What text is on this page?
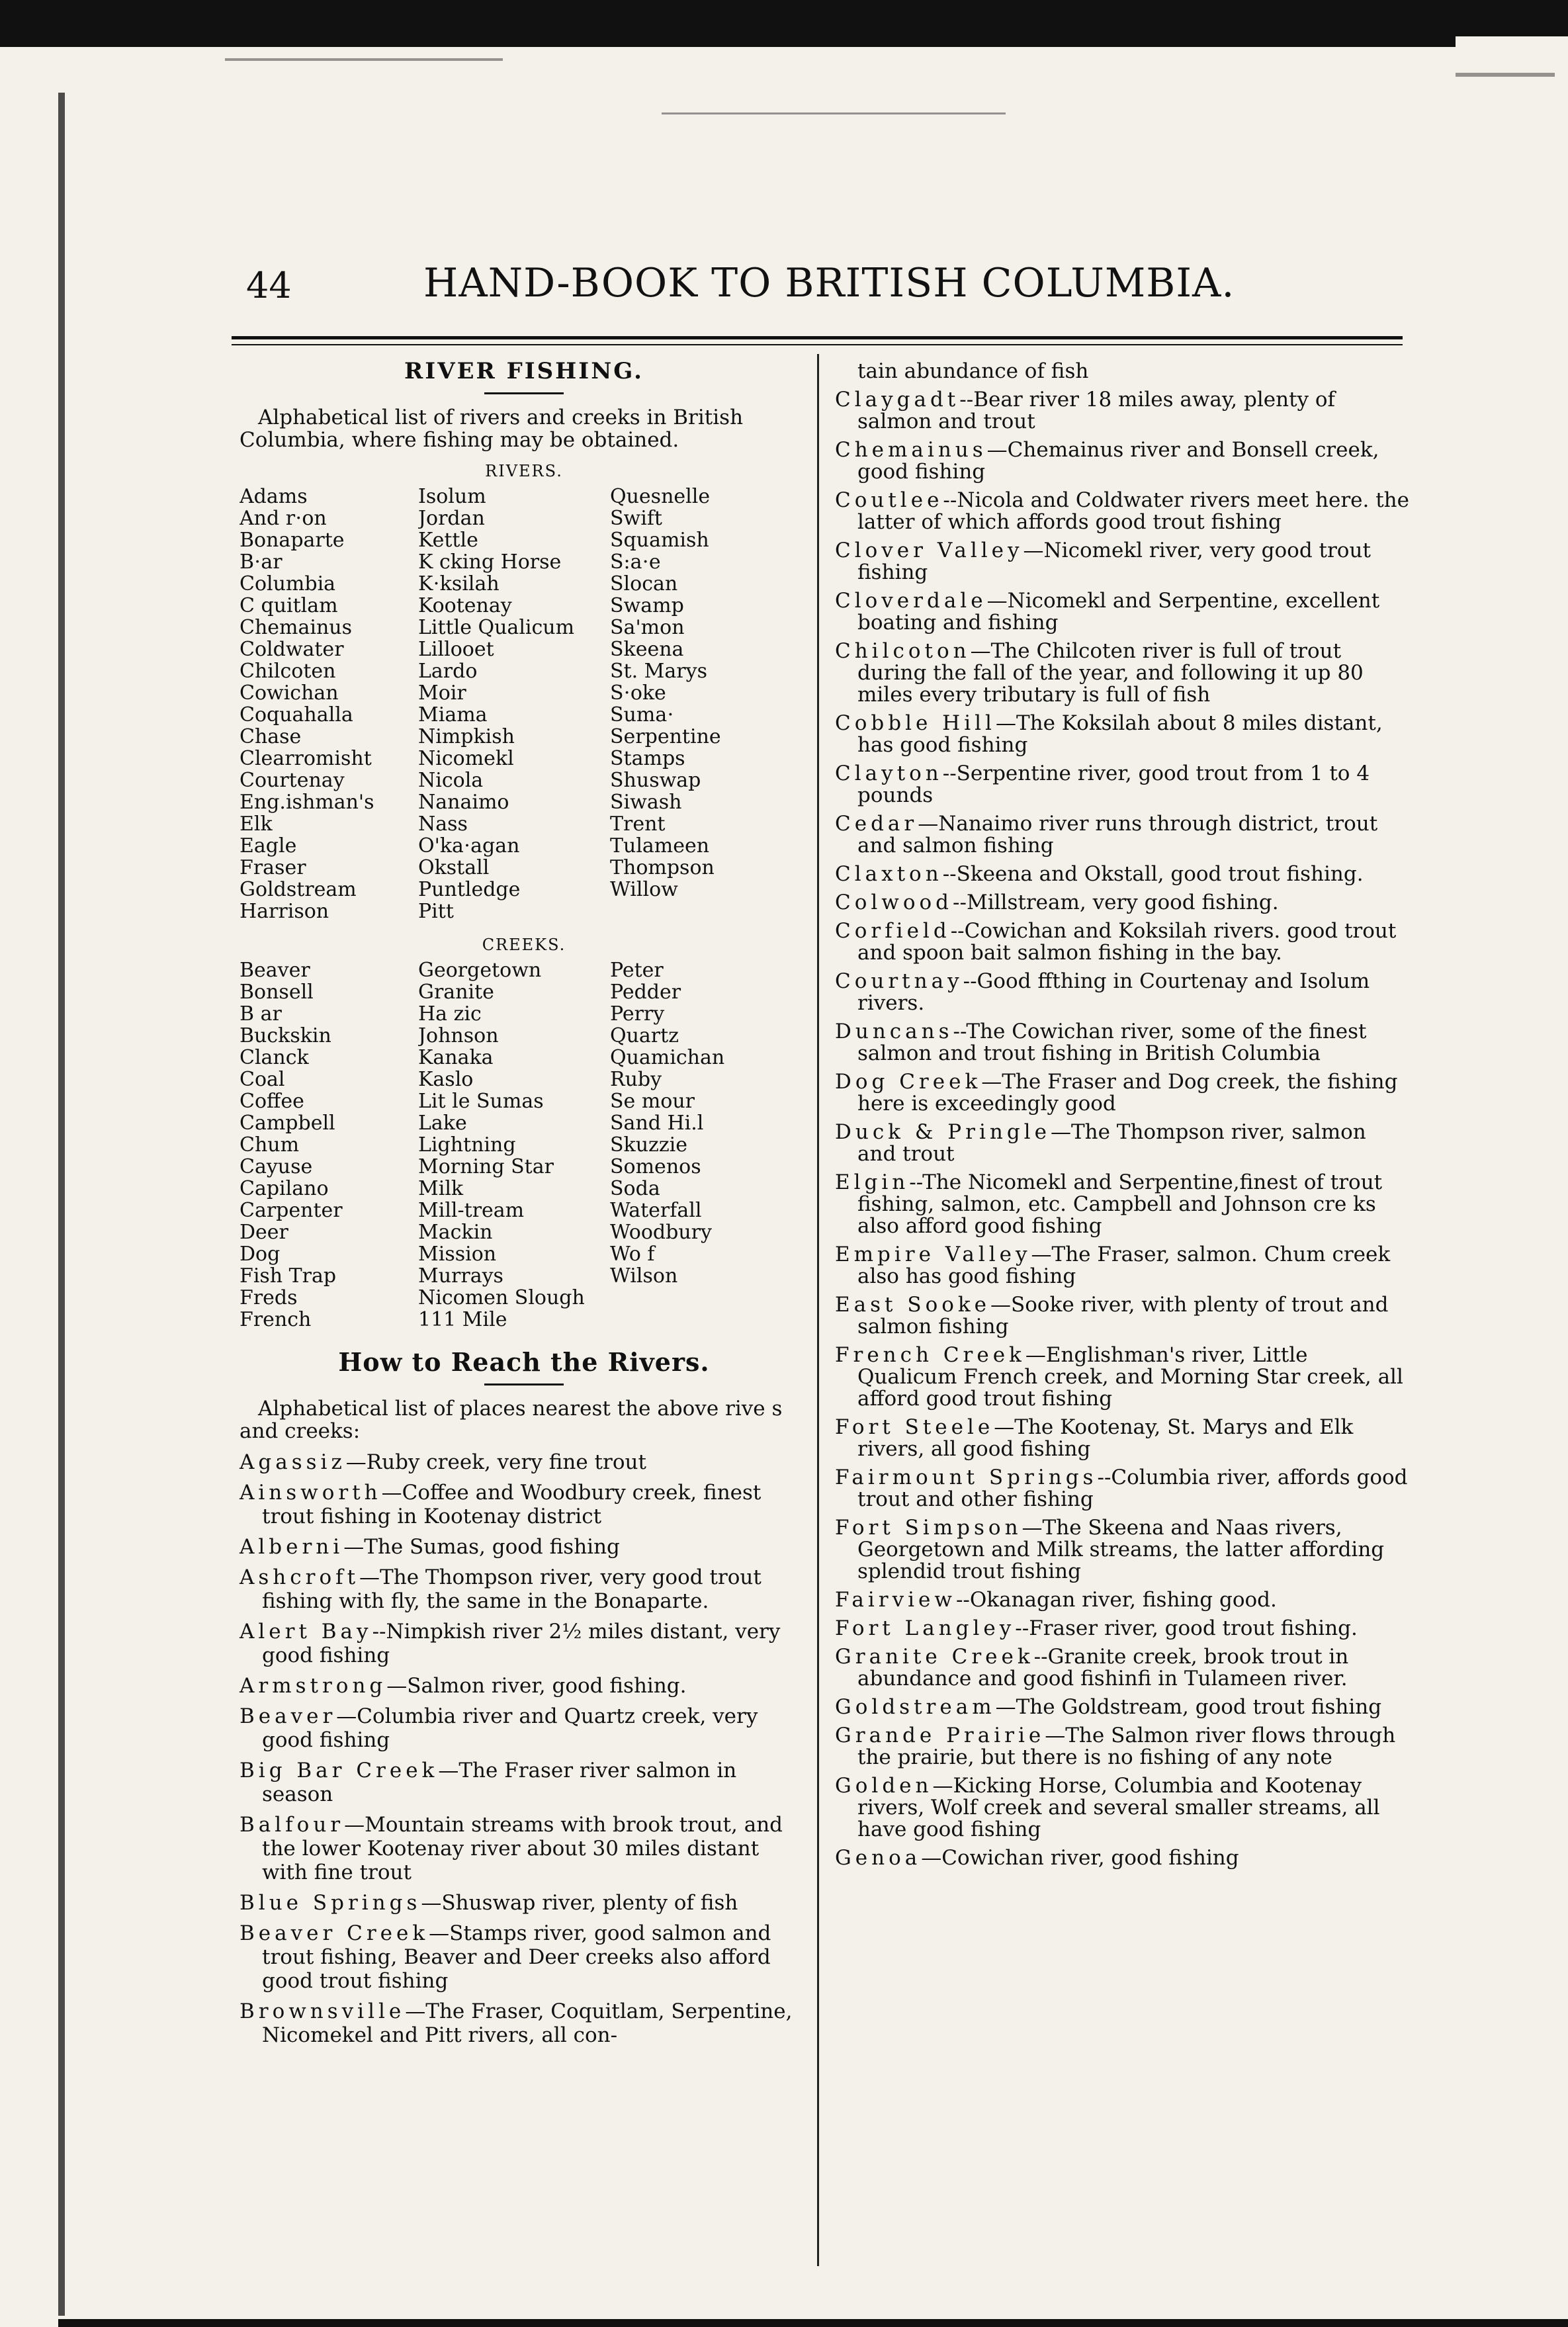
44	HAND-BOOK TO BRITISH COLUMBIA.
RIVER FISHING.
Alphabetical list of rivers and creeks in British Columbia, where fishing may be obtained.
RIVERS.
Adams	Isolum	Quesnelle
And r⋅on	Jordan	Swift
Bonaparte	Kettle	Squamish
B⋅ar	K cking Horse	S:a⋅e
Columbia	K⋅ksilah	Slocan
C quitlam	Kootenay	Swamp
Chemainus	Little Qualicum	Sa'mon
Coldwater	Lillooet	Skeena
Chilcoten	Lardo	St. Marys
Cowichan	Moir	S⋅oke
Coquahalla	Miama	Suma⋅
Chase	Nimpkish	Serpentine
Clearromisht	Nicomekl	Stamps
Courtenay	Nicola	Shuswap
Eng.ishman's	Nanaimo	Siwash
Elk	Nass	Trent
Eagle	O'ka⋅agan	Tulameen
Fraser	Okstall	Thompson
Goldstream	Puntledge	Willow
Harrison	Pitt
CREEKS.
Beaver	Georgetown	Peter
Bonsell	Granite	Pedder
B ar	Ha zic	Perry
Buckskin	Johnson	Quartz
Clanck	Kanaka	Quamichan
Coal	Kaslo	Ruby
Coffee	Lit le Sumas	Se mour
Campbell	Lake	Sand Hi.l
Chum	Lightning	Skuzzie
Cayuse	Morning Star	Somenos
Capilano	Milk	Soda
Carpenter	Mill-tream	Waterfall
Deer	Mackin	Woodbury
Dog	Mission	Wo f
Fish Trap	Murrays	Wilson
Freds	Nicomen Slough
French	111 Mile
How to Reach the Rivers.
Alphabetical list of places nearest the above rive s and creeks:
Agassiz—Ruby creek, very fine trout
Ainsworth—Coffee and Woodbury creek, finest trout fishing in Kootenay district
Alberni—The Sumas, good fishing
Ashcroft—The Thompson river, very good trout fishing with fly, the same in the Bonaparte.
Alert Bay--Nimpkish river 2½ miles distant, very good fishing
Armstrong—Salmon river, good fishing.
Beaver—Columbia river and Quartz creek, very good fishing
Big Bar Creek—The Fraser river salmon in season
Balfour—Mountain streams with brook trout, and the lower Kootenay river about 30 miles distant with fine trout
Blue Springs—Shuswap river, plenty of fish
Beaver Creek—Stamps river, good salmon and trout fishing, Beaver and Deer creeks also afford good trout fishing
Brownsville—The Fraser, Coquitlam, Serpentine, Nicomekel and Pitt rivers, all con-
tain abundance of fish
Claygadt--Bear river 18 miles away, plenty of salmon and trout
Chemainus—Chemainus river and Bonsell creek, good fishing
Coutlee--Nicola and Coldwater rivers meet here. the latter of which affords good trout fishing
Clover Valley—Nicomekl river, very good trout fishing
Cloverdale—Nicomekl and Serpentine, excellent boating and fishing
Chilcoton—The Chilcoten river is full of trout during the fall of the year, and following it up 80 miles every tributary is full of fish
Cobble Hill—The Koksilah about 8 miles distant, has good fishing
Clayton--Serpentine river, good trout from 1 to 4 pounds
Cedar—Nanaimo river runs through district, trout and salmon fishing
Claxton--Skeena and Okstall, good trout fishing.
Colwood--Millstream, very good fishing.
Corfield--Cowichan and Koksilah rivers. good trout and spoon bait salmon fishing in the bay.
Courtnay--Good ffthing in Courtenay and Isolum rivers.
Duncans--The Cowichan river, some of the finest salmon and trout fishing in British Columbia
Dog Creek—The Fraser and Dog creek, the fishing here is exceedingly good
Duck & Pringle—The Thompson river, salmon and trout
Elgin--The Nicomekl and Serpentine,finest of trout fishing, salmon, etc. Campbell and Johnson cre ks also afford good fishing
Empire Valley—The Fraser, salmon. Chum creek also has good fishing
East Sooke—Sooke river, with plenty of trout and salmon fishing
French Creek—Englishman's river, Little Qualicum French creek, and Morning Star creek, all afford good trout fishing
Fort Steele—The Kootenay, St. Marys and Elk rivers, all good fishing
Fairmount Springs--Columbia river, affords good trout and other fishing
Fort Simpson—The Skeena and Naas rivers, Georgetown and Milk streams, the latter affording splendid trout fishing
Fairview--Okanagan river, fishing good.
Fort Langley--Fraser river, good trout fishing.
Granite Creek--Granite creek, brook trout in abundance and good fishinfi in Tulameen river.
Goldstream—The Goldstream, good trout fishing
Grande Prairie—The Salmon river flows through the prairie, but there is no fishing of any note
Golden—Kicking Horse, Columbia and Kootenay rivers, Wolf creek and several smaller streams, all have good fishing
Genoa—Cowichan river, good fishing
